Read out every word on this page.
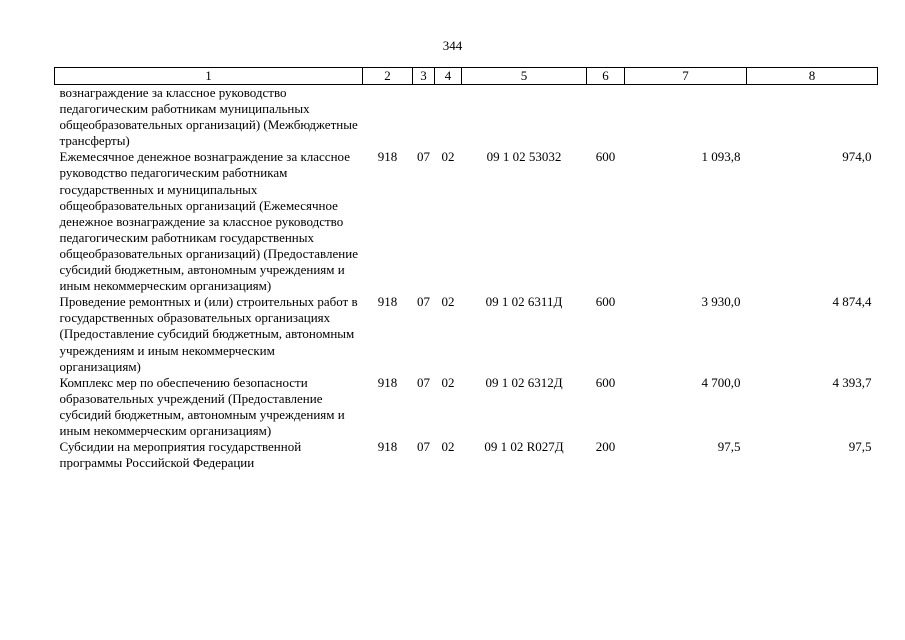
344
1	2	3	4	5	6	7	8
вознаграждение за классное руководство педагогическим работникам муниципальных общеобразовательных организаций) (Межбюджетные трансферты)							
Ежемесячное денежное вознаграждение за классное руководство педагогическим работникам государственных и муниципальных общеобразовательных организаций (Ежемесячное денежное вознаграждение за классное руководство педагогическим работникам государственных общеобразовательных организаций) (Предоставление субсидий бюджетным, автономным учреждениям и иным некоммерческим организациям)	918	07	02	09 1 02 53032	600	1 093,8	974,0
Проведение ремонтных и (или) строительных работ в государственных образовательных организациях (Предоставление субсидий бюджетным, автономным учреждениям и иным некоммерческим организациям)	918	07	02	09 1 02 6311Д	600	3 930,0	4 874,4
Комплекс мер по обеспечению безопасности образовательных учреждений (Предоставление субсидий бюджетным, автономным учреждениям и иным некоммерческим организациям)	918	07	02	09 1 02 6312Д	600	4 700,0	4 393,7
Субсидии на мероприятия государственной программы Российской Федерации	918	07	02	09 1 02 R027Д	200	97,5	97,5
